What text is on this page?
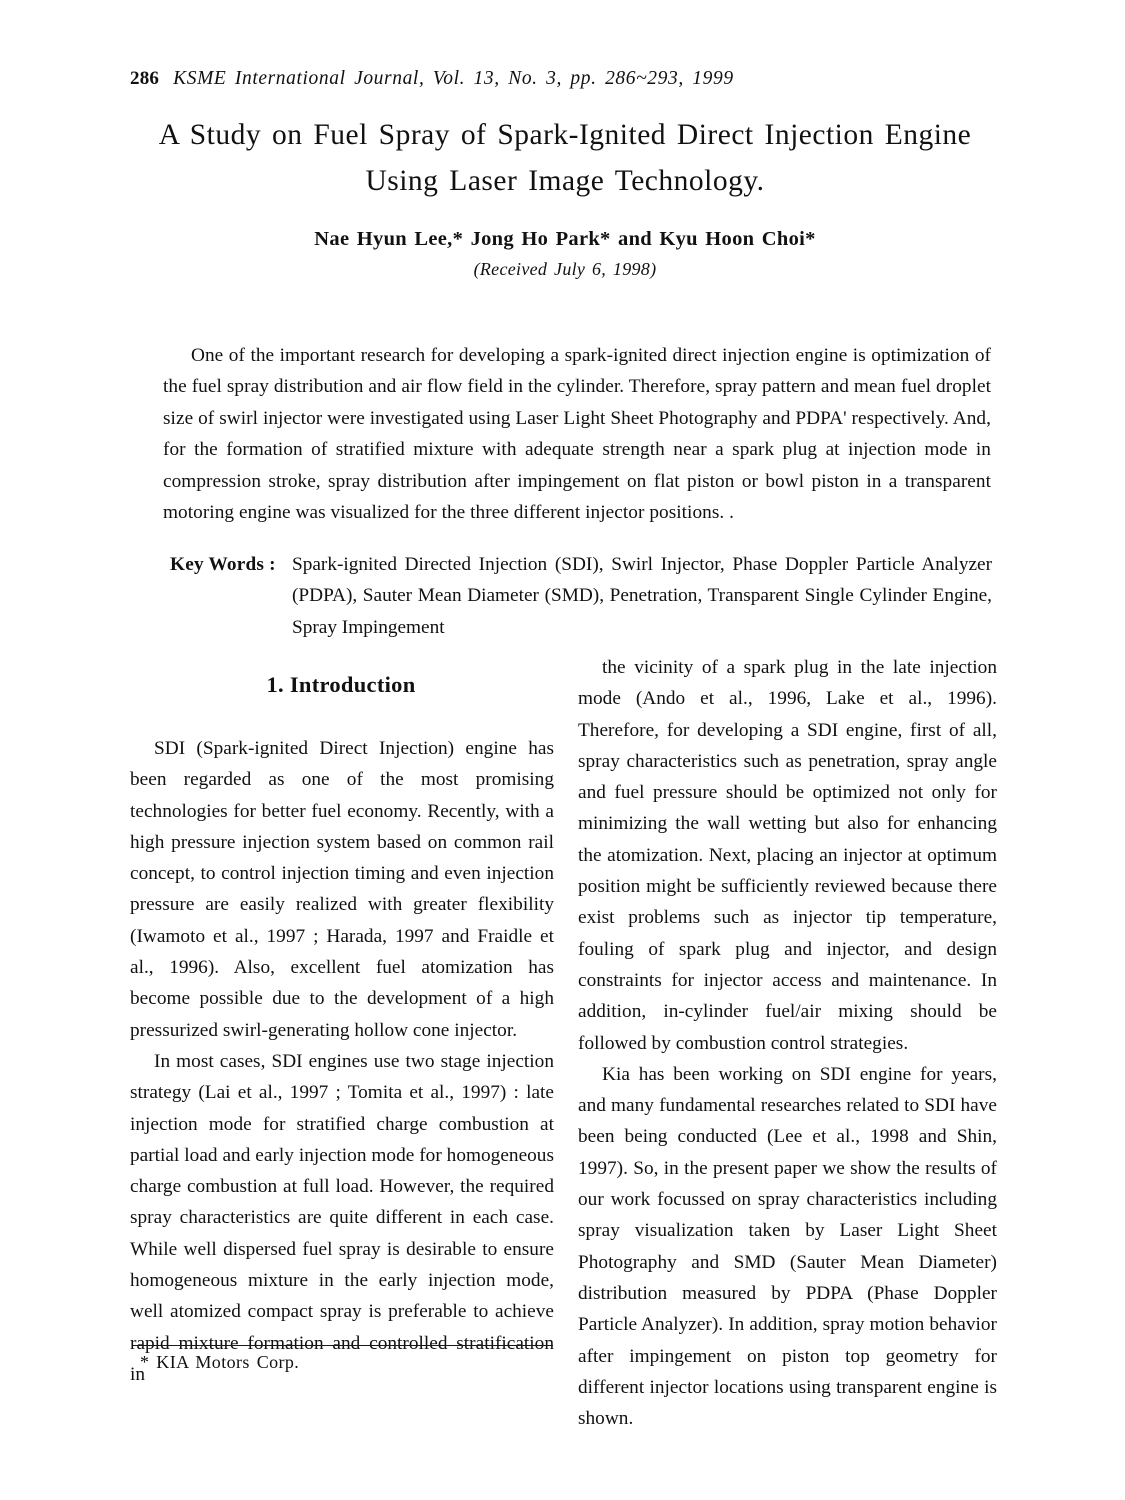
286 KSME International Journal, Vol. 13, No. 3, pp. 286~293, 1999
A Study on Fuel Spray of Spark-Ignited Direct Injection Engine
Using Laser Image Technology.
Nae Hyun Lee,* Jong Ho Park* and Kyu Hoon Choi*
(Received July 6, 1998)
One of the important research for developing a spark-ignited direct injection engine is optimization of the fuel spray distribution and air flow field in the cylinder. Therefore, spray pattern and mean fuel droplet size of swirl injector were investigated using Laser Light Sheet Photography and PDPA' respectively. And, for the formation of stratified mixture with adequate strength near a spark plug at injection mode in compression stroke, spray distribution after impingement on flat piston or bowl piston in a transparent motoring engine was visualized for the three different injector positions. .
Key Words : Spark-ignited Directed Injection (SDI), Swirl Injector, Phase Doppler Particle Analyzer (PDPA), Sauter Mean Diameter (SMD), Penetration, Transparent Single Cylinder Engine, Spray Impingement
1. Introduction

SDI (Spark-ignited Direct Injection) engine has been regarded as one of the most promising technologies for better fuel economy. Recently, with a high pressure injection system based on common rail concept, to control injection timing and even injection pressure are easily realized with greater flexibility (Iwamoto et al., 1997 ; Harada, 1997 and Fraidle et al., 1996). Also, excellent fuel atomization has become possible due to the development of a high pressurized swirl-generating hollow cone injector.

In most cases, SDI engines use two stage injection strategy (Lai et al., 1997 ; Tomita et al., 1997) : late injection mode for stratified charge combustion at partial load and early injection mode for homogeneous charge combustion at full load. However, the required spray characteristics are quite different in each case. While well dispersed fuel spray is desirable to ensure homogeneous mixture in the early injection mode, well atomized compact spray is preferable to achieve rapid mixture formation and controlled stratification in

the vicinity of a spark plug in the late injection mode (Ando et al., 1996, Lake et al., 1996). Therefore, for developing a SDI engine, first of all, spray characteristics such as penetration, spray angle and fuel pressure should be optimized not only for minimizing the wall wetting but also for enhancing the atomization. Next, placing an injector at optimum position might be sufficiently reviewed because there exist problems such as injector tip temperature, fouling of spark plug and injector, and design constraints for injector access and maintenance. In addition, in-cylinder fuel/air mixing should be followed by combustion control strategies.

Kia has been working on SDI engine for years, and many fundamental researches related to SDI have been being conducted (Lee et al., 1998 and Shin, 1997). So, in the present paper we show the results of our work focussed on spray characteristics including spray visualization taken by Laser Light Sheet Photography and SMD (Sauter Mean Diameter) distribution measured by PDPA (Phase Doppler Particle Analyzer). In addition, spray motion behavior after impingement on piston top geometry for different injector locations using transparent engine is shown.

* KIA Motors Corp.
